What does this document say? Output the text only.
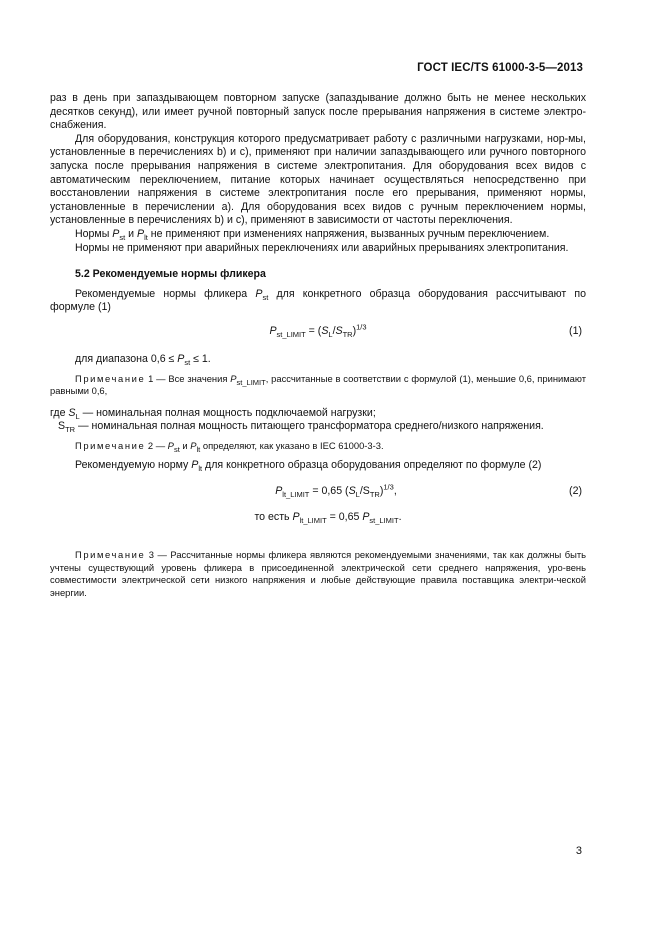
ГОСТ IEC/TS 61000-3-5—2013

раз в день при запаздывающем повторном запуске (запаздывание должно быть не менее нескольких десятков секунд), или имеет ручной повторный запуск после прерывания напряжения в системе электро-снабжения.

Для оборудования, конструкция которого предусматривает работу с различными нагрузками, нор-мы, установленные в перечислениях b) и c), применяют при наличии запаздывающего или ручного повторного запуска после прерывания напряжения в системе электропитания. Для оборудования всех видов с автоматическим переключением, питание которых начинает осуществляться непосредственно при восстановлении напряжения в системе электропитания после его прерывания, применяют нормы, установленные в перечислении a). Для оборудования всех видов с ручным переключением нормы, установленные в перечислениях b) и c), применяют в зависимости от частоты переключения.

Нормы $P_{st}$ и $P_{lt}$ не применяют при изменениях напряжения, вызванных ручным переключением.

Нормы не применяют при аварийных переключениях или аварийных прерываниях электропитания.

5.2 Рекомендуемые нормы фликера

Рекомендуемые нормы фликера $P_{st}$ для конкретного образца оборудования рассчитывают по формуле (1)

$P_{st\_LIMIT} = (S_L/S_{TR})^{1/3}$	(1)

для диапазона $0,6 \le P_{st} \le 1$.

Примечание 1 — Все значения $P_{st\_LIMIT}$, рассчитанные в соответствии с формулой (1), меньшие 0,6, принимают равными 0,6,

где $S_L$ — номинальная полная мощность подключаемой нагрузки;
$S_{TR}$ — номинальная полная мощность питающего трансформатора среднего/низкого напряжения.

Примечание 2 — $P_{st}$ и $P_{lt}$ определяют, как указано в IEC 61000-3-3.

Рекомендуемую норму $P_{lt}$ для конкретного образца оборудования определяют по формуле (2)

$P_{lt\_LIMIT} = 0,65$ $(S_L/S_{TR})^{1/3}$,	(2)
то есть $P_{lt\_LIMIT} = 0,65$ $P_{st\_LIMIT}$.

Примечание 3 — Рассчитанные нормы фликера являются рекомендуемыми значениями, так как должны быть учтены существующий уровень фликера в присоединенной электрической сети среднего напряжения, уро-вень совместимости электрической сети низкого напряжения и любые действующие правила поставщика электри-ческой энергии.

3
